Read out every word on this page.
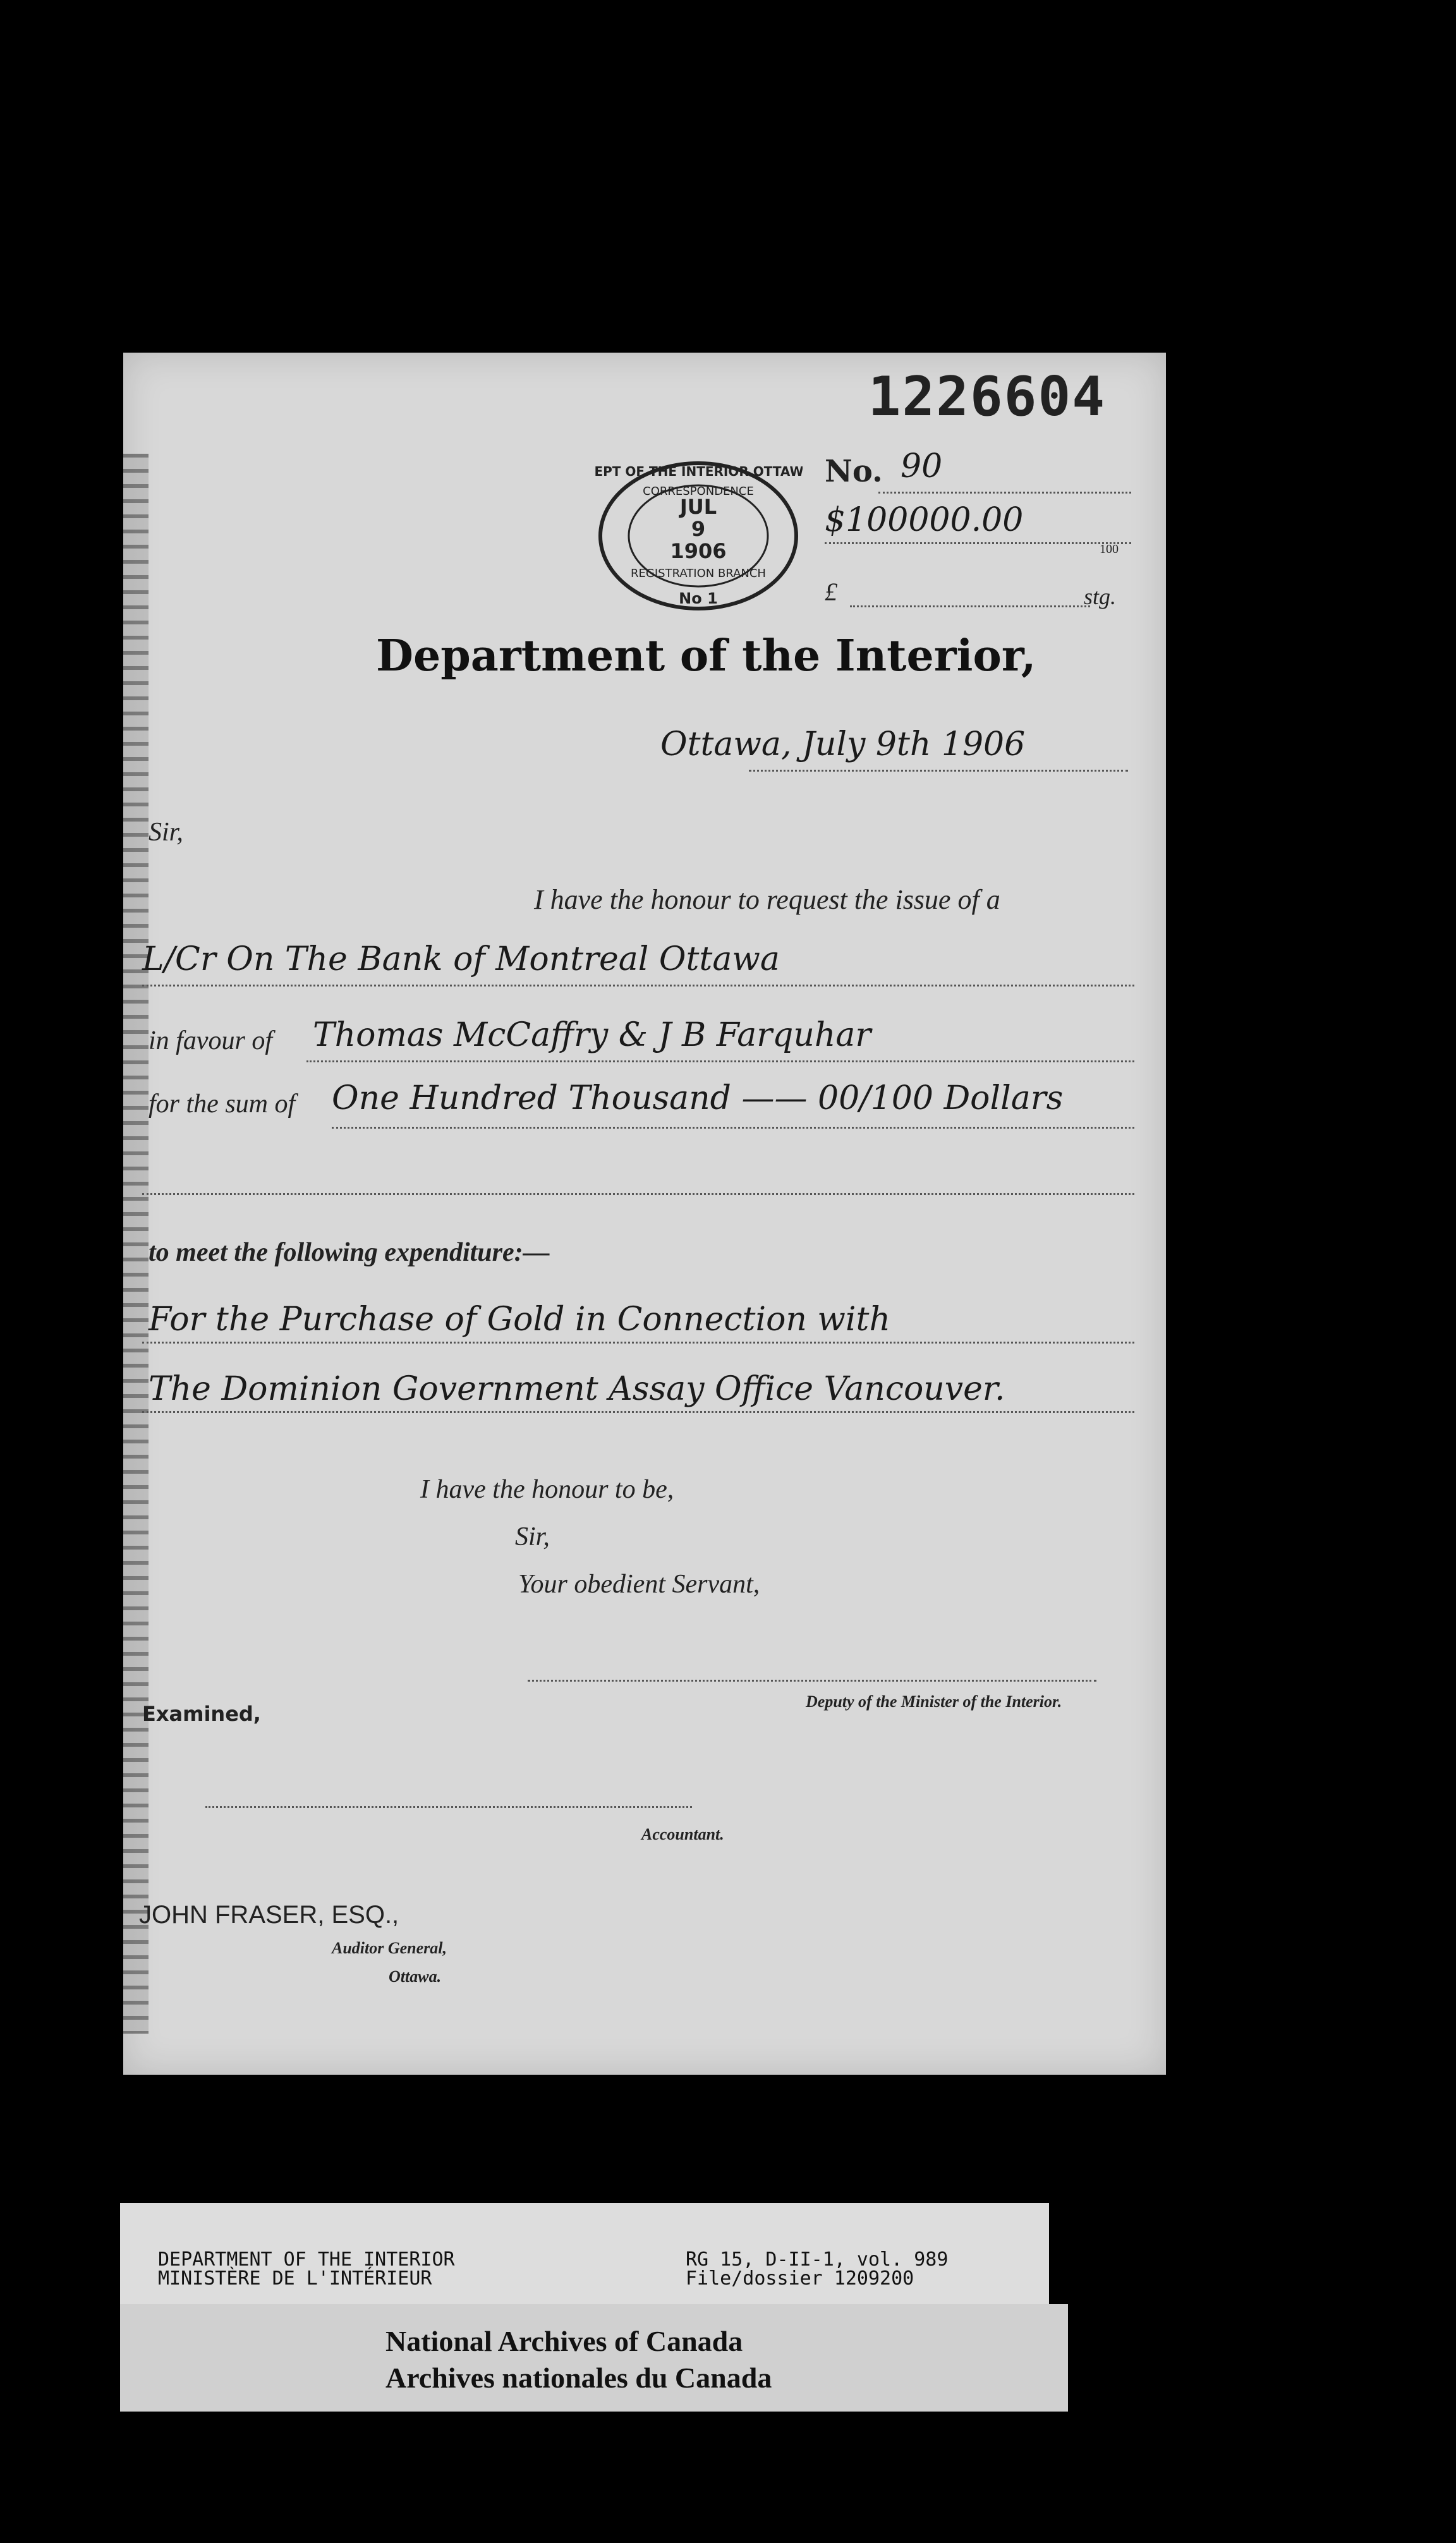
1226604
JUL
9
1906
CORRESPONDENCE
REGISTRATION BRANCH
DEPT OF THE INTERIOR OTTAWA
No 1
No. 90
$100000.00
100
£	stg.
Department of the Interior,
Ottawa, July 9th 1906
Sir,
I have the honour to request the issue of a
L/Cr On The Bank of Montreal Ottawa
in favour of Thomas McCaffry & J B Farquhar
for the sum of One Hundred Thousand —— 00/100 Dollars
to meet the following expenditure:—
For the Purchase of Gold in Connection with
The Dominion Government Assay Office Vancouver.
I have the honour to be,
Sir,
Your obedient Servant,
Deputy of the Minister of the Interior.
Examined,
Accountant.
JOHN FRASER, ESQ.,
Auditor General,
Ottawa.
DEPARTMENT OF THE INTERIOR
MINISTÈRE DE L'INTÉRIEUR
RG 15, D-II-1, vol. 989
File/dossier 1209200
National Archives of Canada
Archives nationales du Canada
